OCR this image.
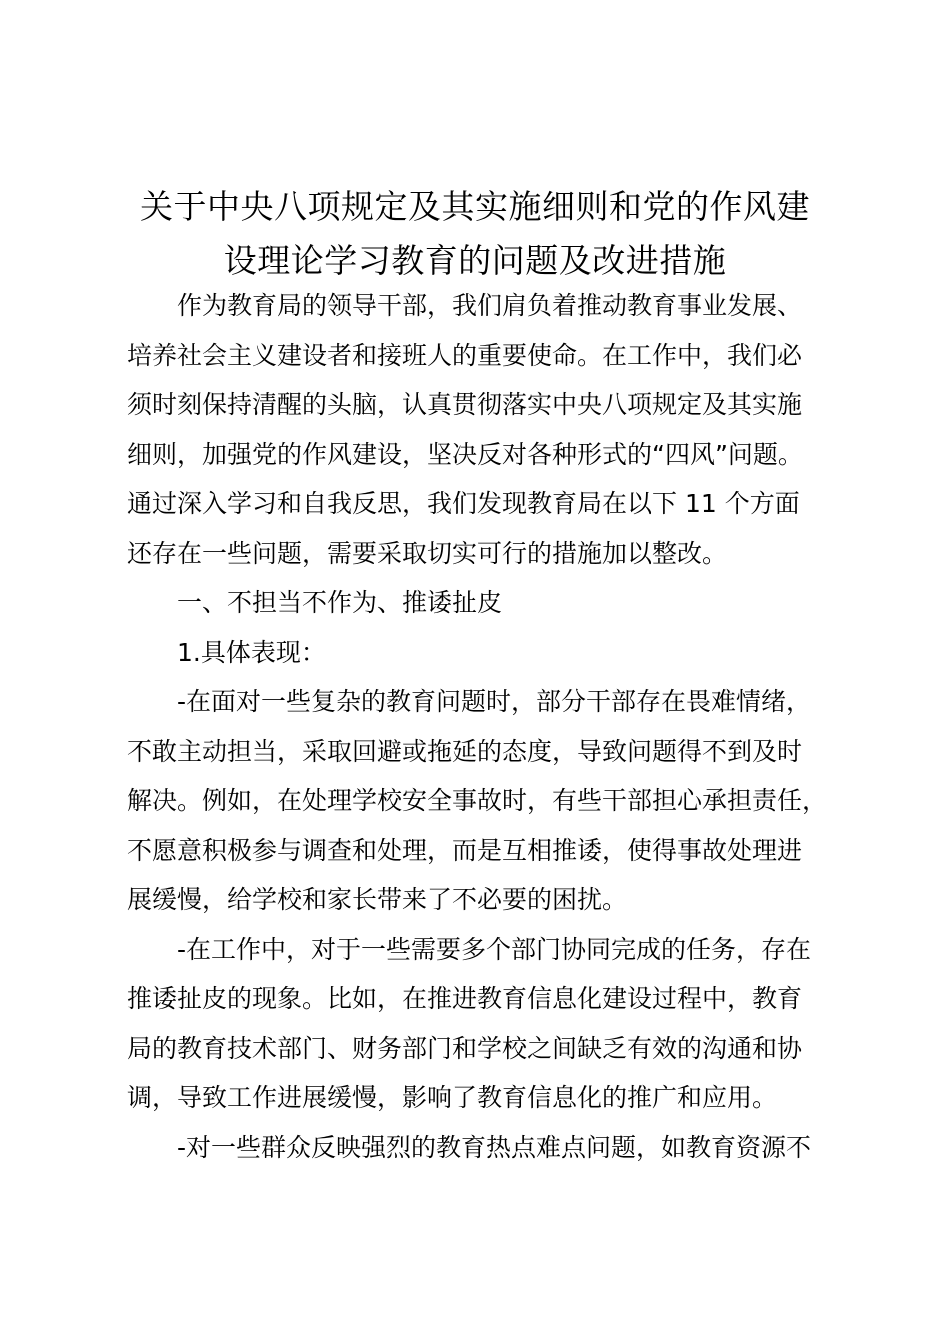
关于中央八项规定及其实施细则和党的作风建
设理论学习教育的问题及改进措施
作为教育局的领导干部，我们肩负着推动教育事业发展、
培养社会主义建设者和接班人的重要使命。在工作中，我们必
须时刻保持清醒的头脑，认真贯彻落实中央八项规定及其实施
细则，加强党的作风建设，坚决反对各种形式的“四风”问题。
通过深入学习和自我反思，我们发现教育局在以下 11 个方面
还存在一些问题，需要采取切实可行的措施加以整改。
一、不担当不作为、推诿扯皮
1.具体表现：
-在面对一些复杂的教育问题时，部分干部存在畏难情绪，
不敢主动担当，采取回避或拖延的态度，导致问题得不到及时
解决。例如，在处理学校安全事故时，有些干部担心承担责任，
不愿意积极参与调查和处理，而是互相推诿，使得事故处理进
展缓慢，给学校和家长带来了不必要的困扰。
-在工作中，对于一些需要多个部门协同完成的任务，存在
推诿扯皮的现象。比如，在推进教育信息化建设过程中，教育
局的教育技术部门、财务部门和学校之间缺乏有效的沟通和协
调，导致工作进展缓慢，影响了教育信息化的推广和应用。
-对一些群众反映强烈的教育热点难点问题，如教育资源不
